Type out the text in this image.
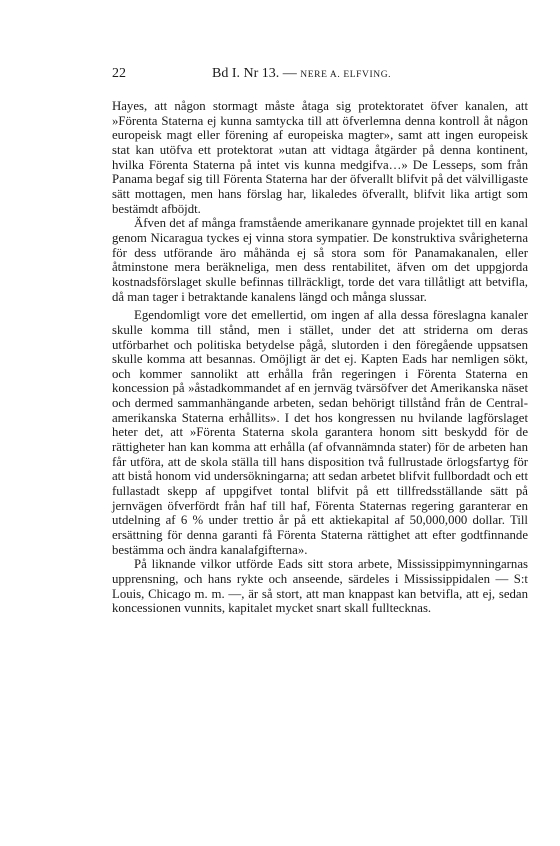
22	Bd I. Nr 13. — NERE A. ELFVING.

Hayes, att någon stormagt måste åtaga sig protektoratet öfver kanalen, att »Förenta Staterna ej kunna samtycka till att öfverlemna denna kontroll åt någon europeisk magt eller förening af europeiska magter», samt att ingen europeisk stat kan utöfva ett protektorat »utan att vidtaga åtgärder på denna kontinent, hvilka Förenta Staterna på intet vis kunna medgifva…» De Lesseps, som från Panama begaf sig till Förenta Staterna har der öfverallt blifvit på det välvilligaste sätt mottagen, men hans förslag har, likaledes öfverallt, blifvit lika artigt som bestämdt afböjdt.

Äfven det af många framstående amerikanare gynnade projektet till en kanal genom Nicaragua tyckes ej vinna stora sympatier. De konstruktiva svårigheterna för dess utförande äro måhända ej så stora som för Panamakanalen, eller åtminstone mera beräkneliga, men dess rentabilitet, äfven om det uppgjorda kostnadsförslaget skulle befinnas tillräckligt, torde det vara tillåtligt att betvifla, då man tager i betraktande kanalens längd och många slussar.

Egendomligt vore det emellertid, om ingen af alla dessa föreslagna kanaler skulle komma till stånd, men i stället, under det att striderna om deras utförbarhet och politiska betydelse pågå, slutorden i den föregående uppsatsen skulle komma att besannas. Omöjligt är det ej. Kapten Eads har nemligen sökt, och kommer sannolikt att erhålla från regeringen i Förenta Staterna en koncession på »åstadkommandet af en jernväg tvärsöfver det Amerikanska näset och dermed sammanhängande arbeten, sedan behörigt tillstånd från de Central-amerikanska Staterna erhållits». I det hos kongressen nu hvilande lagförslaget heter det, att »Förenta Staterna skola garantera honom sitt beskydd för de rättigheter han kan komma att erhålla (af ofvannämnda stater) för de arbeten han får utföra, att de skola ställa till hans disposition två fullrustade örlogsfartyg för att bistå honom vid undersökningarna; att sedan arbetet blifvit fullbordadt och ett fullastadt skepp af uppgifvet tontal blifvit på ett tillfredsställande sätt på jernvägen öfverfördt från haf till haf, Förenta Staternas regering garanterar en utdelning af 6 % under trettio år på ett aktiekapital af 50,000,000 dollar. Till ersättning för denna garanti få Förenta Staterna rättighet att efter godtfinnande bestämma och ändra kanalafgifterna».

På liknande vilkor utförde Eads sitt stora arbete, Mississippimynningarnas upprensning, och hans rykte och anseende, särdeles i Mississippidalen — S:t Louis, Chicago m. m. —, är så stort, att man knappast kan betvifla, att ej, sedan koncessionen vunnits, kapitalet mycket snart skall fulltecknas.
